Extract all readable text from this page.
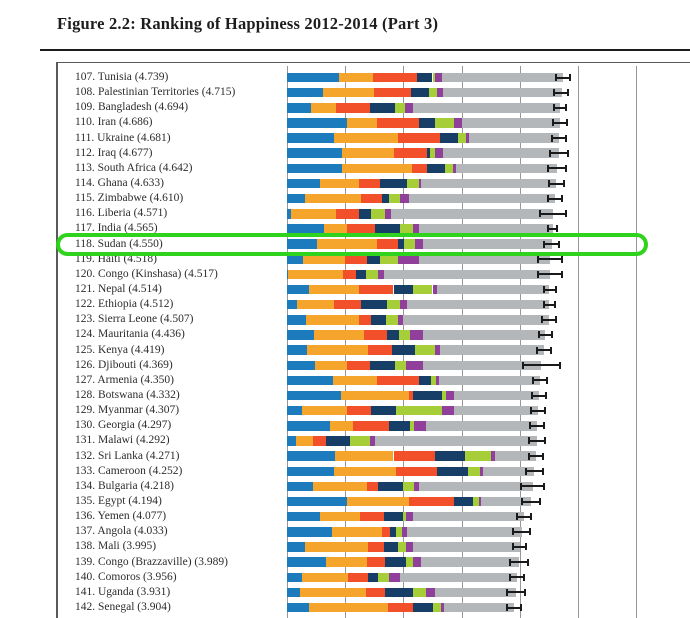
Figure 2.2: Ranking of Happiness 2012-2014 (Part 3)
107. Tunisia (4.739)
108. Palestinian Territories (4.715)
109. Bangladesh (4.694)
110. Iran (4.686)
111. Ukraine (4.681)
112. Iraq (4.677)
113. South Africa (4.642)
114. Ghana (4.633)
115. Zimbabwe (4.610)
116. Liberia (4.571)
117. India (4.565)
118. Sudan (4.550)
119. Haiti (4.518)
120. Congo (Kinshasa) (4.517)
121. Nepal (4.514)
122. Ethiopia (4.512)
123. Sierra Leone (4.507)
124. Mauritania (4.436)
125. Kenya (4.419)
126. Djibouti (4.369)
127. Armenia (4.350)
128. Botswana (4.332)
129. Myanmar (4.307)
130. Georgia (4.297)
131. Malawi (4.292)
132. Sri Lanka (4.271)
133. Cameroon (4.252)
134. Bulgaria (4.218)
135. Egypt (4.194)
136. Yemen (4.077)
137. Angola (4.033)
138. Mali (3.995)
139. Congo (Brazzaville) (3.989)
140. Comoros (3.956)
141. Uganda (3.931)
142. Senegal (3.904)
